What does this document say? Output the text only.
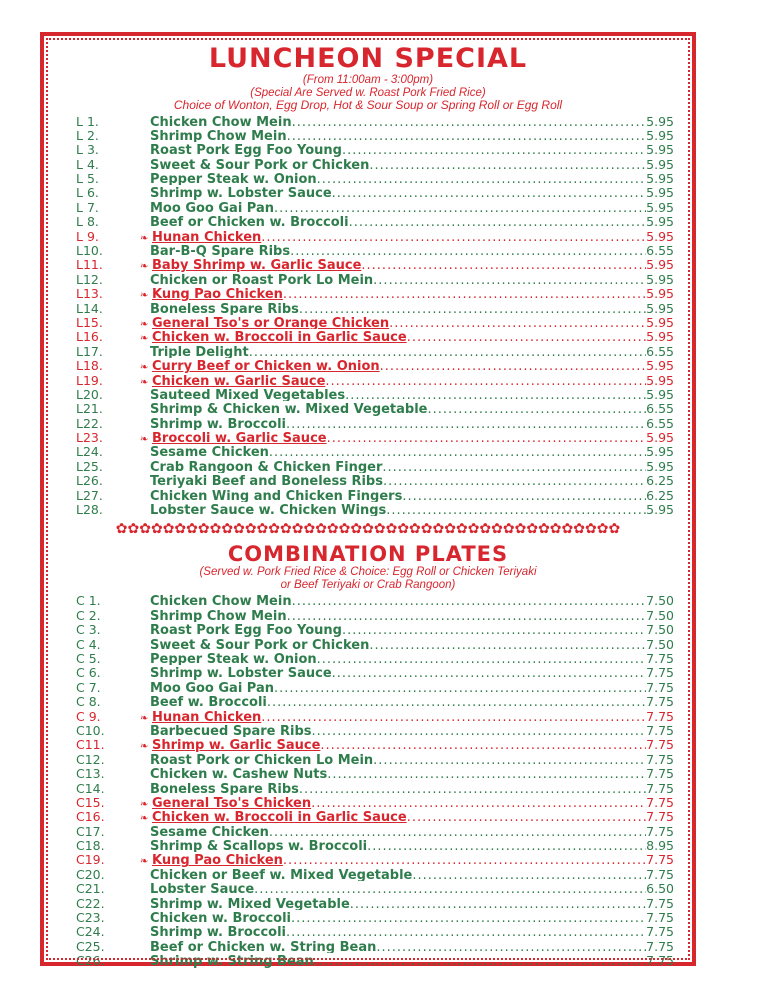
LUNCHEON SPECIAL

(From 11:00am - 3:00pm)

(Special Are Served w. Roast Pork Fried Rice)

Choice of Wonton, Egg Drop, Hot & Sour Soup or Spring Roll or Egg Roll

L 1.	Chicken Chow Mein .....	5.95
L 2.	Shrimp Chow Mein .....	5.95
L 3.	Roast Pork Egg Foo Young .....	5.95
L 4.	Sweet & Sour Pork or Chicken .....	5.95
L 5.	Pepper Steak w. Onion .....	5.95
L 6.	Shrimp w. Lobster Sauce .....	5.95
L 7.	Moo Goo Gai Pan .....	5.95
L 8.	Beef or Chicken w. Broccoli .....	5.95
L 9.	❧ Hunan Chicken .....	5.95
L10.	Bar-B-Q Spare Ribs .....	6.55
L11.	❧ Baby Shrimp w. Garlic Sauce .....	5.95
L12.	Chicken or Roast Pork Lo Mein .....	5.95
L13.	❧ Kung Pao Chicken .....	5.95
L14.	Boneless Spare Ribs .....	5.95
L15.	❧ General Tso's or Orange Chicken .....	5.95
L16.	❧ Chicken w. Broccoli in Garlic Sauce .....	5.95
L17.	Triple Delight .....	6.55
L18.	❧ Curry Beef or Chicken w. Onion .....	5.95
L19.	❧ Chicken w. Garlic Sauce .....	5.95
L20.	Sauteed Mixed Vegetables .....	5.95
L21.	Shrimp & Chicken w. Mixed Vegetable .....	6.55
L22.	Shrimp w. Broccoli .....	6.55
L23.	❧ Broccoli w. Garlic Sauce .....	5.95
L24.	Sesame Chicken .....	5.95
L25.	Crab Rangoon & Chicken Finger .....	5.95
L26.	Teriyaki Beef and Boneless Ribs .....	6.25
L27.	Chicken Wing and Chicken Fingers .....	6.25
L28.	Lobster Sauce w. Chicken Wings .....	5.95
✿✿✿✿✿✿✿✿✿✿✿✿✿✿✿✿✿✿✿✿✿✿✿✿✿✿✿✿✿✿✿✿✿✿✿✿✿✿✿✿✿✿✿
COMBINATION PLATES

(Served w. Pork Fried Rice & Choice: Egg Roll or Chicken Teriyaki

or Beef Teriyaki or Crab Rangoon)

C 1.	Chicken Chow Mein .....	7.50
C 2.	Shrimp Chow Mein .....	7.50
C 3.	Roast Pork Egg Foo Young .....	7.50
C 4.	Sweet & Sour Pork or Chicken .....	7.50
C 5.	Pepper Steak w. Onion .....	7.75
C 6.	Shrimp w. Lobster Sauce .....	7.75
C 7.	Moo Goo Gai Pan .....	7.75
C 8.	Beef w. Broccoli .....	7.75
C 9.	❧ Hunan Chicken .....	7.75
C10.	Barbecued Spare Ribs .....	7.75
C11.	❧ Shrimp w. Garlic Sauce .....	7.75
C12.	Roast Pork or Chicken Lo Mein .....	7.75
C13.	Chicken w. Cashew Nuts .....	7.75
C14.	Boneless Spare Ribs .....	7.75
C15.	❧ General Tso's Chicken .....	7.75
C16.	❧ Chicken w. Broccoli in Garlic Sauce .....	7.75
C17.	Sesame Chicken .....	7.75
C18.	Shrimp & Scallops w. Broccoli .....	8.95
C19.	❧ Kung Pao Chicken .....	7.75
C20.	Chicken or Beef w. Mixed Vegetable .....	7.75
C21.	Lobster Sauce .....	6.50
C22.	Shrimp w. Mixed Vegetable .....	7.75
C23.	Chicken w. Broccoli .....	7.75
C24.	Shrimp w. Broccoli .....	7.75
C25.	Beef or Chicken w. String Bean .....	7.75
C26.	Shrimp w. String Bean .....	7.75
